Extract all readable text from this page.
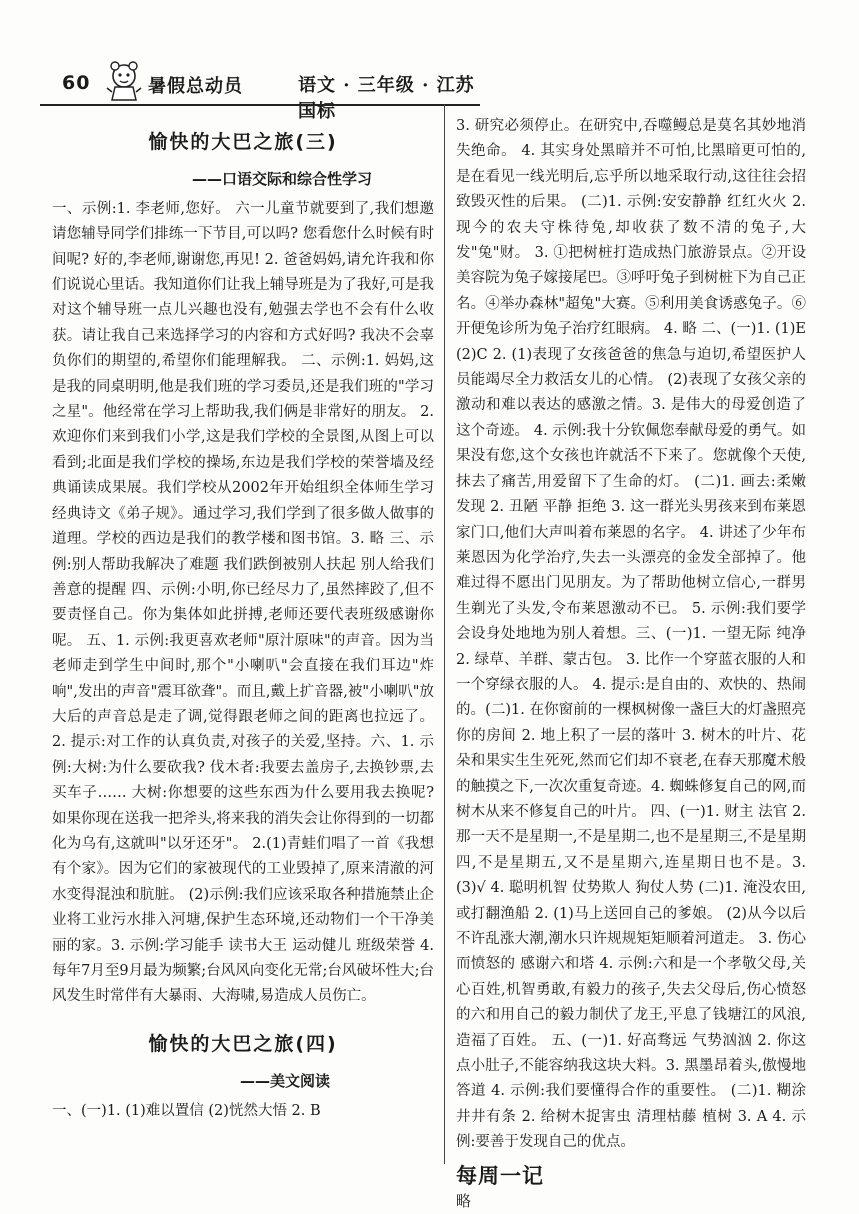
60	暑假总动员	语文 · 三年级 · 江苏国标
愉快的大巴之旅(三)
——口语交际和综合性学习

一、示例:1. 李老师,您好。 六一儿童节就要到了,我们想邀请您辅导同学们排练一下节目,可以吗? 您看您什么时候有时间呢? 好的,李老师,谢谢您,再见! 2. 爸爸妈妈,请允许我和你们说说心里话。我知道你们让我上辅导班是为了我好,可是我对这个辅导班一点儿兴趣也没有,勉强去学也不会有什么收获。请让我自己来选择学习的内容和方式好吗? 我决不会辜负你们的期望的,希望你们能理解我。 二、示例:1. 妈妈,这是我的同桌明明,他是我们班的学习委员,还是我们班的"学习之星"。他经常在学习上帮助我,我们俩是非常好的朋友。 2. 欢迎你们来到我们小学,这是我们学校的全景图,从图上可以看到;北面是我们学校的操场,东边是我们学校的荣誉墙及经典诵读成果展。我们学校从2002年开始组织全体师生学习经典诗文《弟子规》。通过学习,我们学到了很多做人做事的道理。学校的西边是我们的教学楼和图书馆。3. 略 三、示例:别人帮助我解决了难题 我们跌倒被别人扶起 别人给我们善意的提醒 四、示例:小明,你已经尽力了,虽然摔跤了,但不要责怪自己。你为集体如此拼搏,老师还要代表班级感谢你呢。 五、1. 示例:我更喜欢老师"原汁原味"的声音。因为当老师走到学生中间时,那个"小喇叭"会直接在我们耳边"炸响",发出的声音"震耳欲聋"。而且,戴上扩音器,被"小喇叭"放大后的声音总是走了调,觉得跟老师之间的距离也拉远了。 2. 提示:对工作的认真负责,对孩子的关爱,坚持。六、1. 示例:大树:为什么要砍我? 伐木者:我要去盖房子,去换钞票,去买车子…… 大树:你想要的这些东西为什么要用我去换呢? 如果你现在送我一把斧头,将来我的消失会让你得到的一切都化为乌有,这就叫"以牙还牙"。 2.(1)青蛙们唱了一首《我想有个家》。因为它们的家被现代的工业毁掉了,原来清澈的河水变得混浊和肮脏。 (2)示例:我们应该采取各种措施禁止企业将工业污水排入河塘,保护生态环境,还动物们一个干净美丽的家。3. 示例:学习能手 读书大王 运动健儿 班级荣誉 4. 每年7月至9月最为频繁;台风风向变化无常;台风破坏性大;台风发生时常伴有大暴雨、大海啸,易造成人员伤亡。

愉快的大巴之旅(四)
——美文阅读

一、(一)1. (1)难以置信 (2)恍然大悟 2. B

3. 研究必须停止。在研究中,吞噬鳗总是莫名其妙地消失绝命。 4. 其实身处黑暗并不可怕,比黑暗更可怕的,是在看见一线光明后,忘乎所以地采取行动,这往往会招致毁灭性的后果。 (二)1. 示例:安安静静 红红火火 2. 现今的农夫守株待兔,却收获了数不清的兔子,大发"兔"财。 3. ①把树桩打造成热门旅游景点。②开设美容院为兔子嫁接尾巴。③呼吁兔子到树桩下为自己正名。④举办森林"超兔"大赛。⑤利用美食诱惑兔子。⑥开便兔诊所为兔子治疗红眼病。 4. 略 二、(一)1. (1)E (2)C 2. (1)表现了女孩爸爸的焦急与迫切,希望医护人员能竭尽全力救活女儿的心情。 (2)表现了女孩父亲的激动和难以表达的感激之情。3. 是伟大的母爱创造了这个奇迹。 4. 示例:我十分钦佩您奉献母爱的勇气。如果没有您,这个女孩也许就活不下来了。您就像个天使,抹去了痛苦,用爱留下了生命的灯。 (二)1. 画去:柔嫩 发现 2. 丑陋 平静 拒绝 3. 这一群光头男孩来到布莱恩家门口,他们大声叫着布莱恩的名字。 4. 讲述了少年布莱恩因为化学治疗,失去一头漂亮的金发全部掉了。他难过得不愿出门见朋友。为了帮助他树立信心,一群男生剃光了头发,令布莱恩激动不已。 5. 示例:我们要学会设身处地地为别人着想。三、(一)1. 一望无际 纯净 2. 绿草、羊群、蒙古包。 3. 比作一个穿蓝衣服的人和一个穿绿衣服的人。 4. 提示:是自由的、欢快的、热闹的。(二)1. 在你窗前的一棵枫树像一盏巨大的灯盏照亮你的房间 2. 地上积了一层的落叶 3. 树木的叶片、花朵和果实生生死死,然而它们却不衰老,在春天那魔术般的触摸之下,一次次重复奇迹。4. 蜘蛛修复自己的网,而树木从来不修复自己的叶片。 四、(一)1. 财主 法官 2. 那一天不是星期一,不是星期二,也不是星期三,不是星期四,不是星期五,又不是星期六,连星期日也不是。3. (3)√ 4. 聪明机智 仗势欺人 狗仗人势 (二)1. 淹没农田,或打翻渔船 2. (1)马上送回自己的爹娘。 (2)从今以后不许乱涨大潮,潮水只许规规矩矩顺着河道走。 3. 伤心而愤怒的 感谢六和塔 4. 示例:六和是一个孝敬父母,关心百姓,机智勇敢,有毅力的孩子,失去父母后,伤心愤怒的六和用自己的毅力制伏了龙王,平息了钱塘江的风浪,造福了百姓。 五、(一)1. 好高骛远 气势汹汹 2. 你这点小肚子,不能容纳我这块大料。3. 黑墨昂着头,傲慢地答道 4. 示例:我们要懂得合作的重要性。 (二)1. 糊涂 井井有条 2. 给树木捉害虫 清理枯藤 植树 3. A 4. 示例:要善于发现自己的优点。

每周一记
略
